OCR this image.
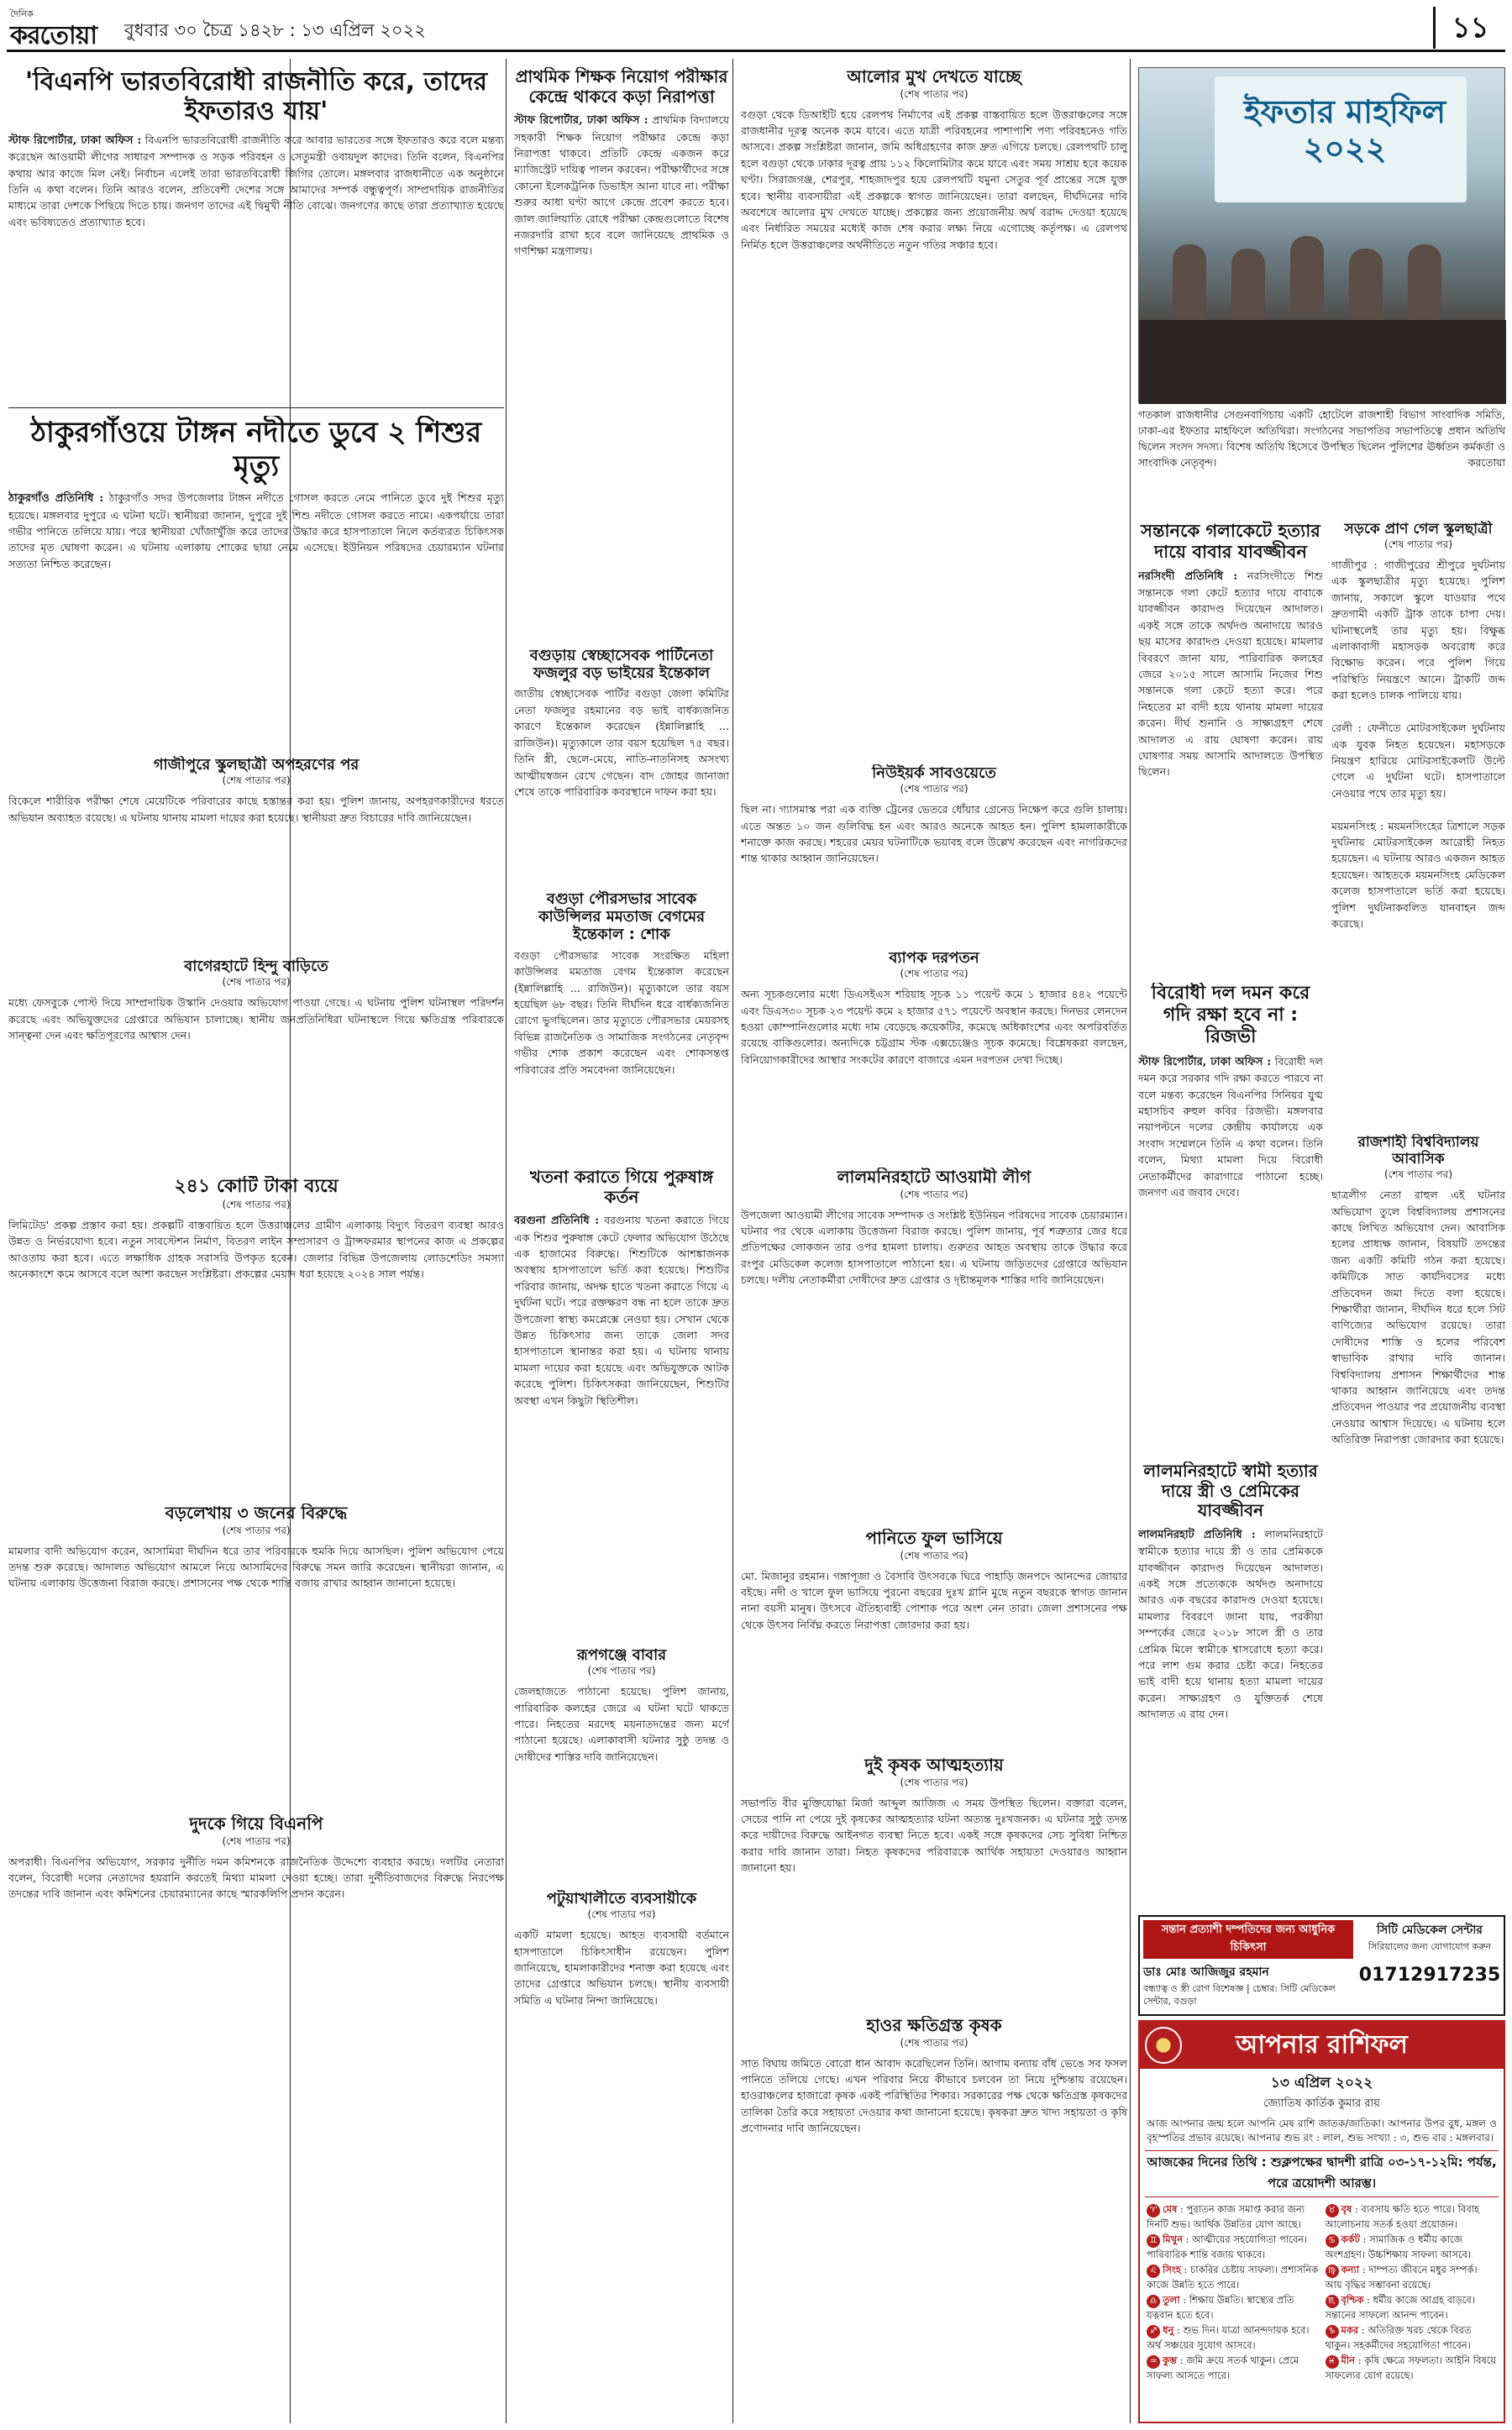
দৈনিক
করতোয়া বুধবার ৩০ চৈত্র ১৪২৮ : ১৩ এপ্রিল ২০২২	১১
'বিএনপি ভারতবিরোধী রাজনীতি করে, তাদের ইফতারও যায়'
স্টাফ রিপোর্টার, ঢাকা অফিস : বিএনপি ভারতবিরোধী রাজনীতি করে আবার ভারতের সঙ্গে ইফতারও করে বলে মন্তব্য করেছেন আওয়ামী লীগের সাধারণ সম্পাদক ও সড়ক পরিবহন ও সেতুমন্ত্রী ওবায়দুল কাদের। তিনি বলেন, বিএনপির কথায় আর কাজে মিল নেই। নির্বাচন এলেই তারা ভারতবিরোধী জিগির তোলে। মঙ্গলবার রাজধানীতে এক অনুষ্ঠানে তিনি এ কথা বলেন। তিনি আরও বলেন, প্রতিবেশী দেশের সঙ্গে আমাদের সম্পর্ক বন্ধুত্বপূর্ণ। সাম্প্রদায়িক রাজনীতির মাধ্যমে তারা দেশকে পিছিয়ে দিতে চায়। জনগণ তাদের এই দ্বিমুখী নীতি বোঝে। জনগণের কাছে তারা প্রত্যাখ্যাত হয়েছে এবং ভবিষ্যতেও প্রত্যাখ্যাত হবে।
প্রাথমিক শিক্ষক নিয়োগ পরীক্ষার কেন্দ্রে থাকবে কড়া নিরাপত্তা
স্টাফ রিপোর্টার, ঢাকা অফিস : প্রাথমিক বিদ্যালয়ে সহকারী শিক্ষক নিয়োগ পরীক্ষার কেন্দ্রে কড়া নিরাপত্তা থাকবে। প্রতিটি কেন্দ্রে একজন করে ম্যাজিস্ট্রেট দায়িত্ব পালন করবেন। পরীক্ষার্থীদের সঙ্গে কোনো ইলেকট্রনিক ডিভাইস আনা যাবে না। পরীক্ষা শুরুর আধা ঘণ্টা আগে কেন্দ্রে প্রবেশ করতে হবে। জাল জালিয়াতি রোধে পরীক্ষা কেন্দ্রগুলোতে বিশেষ নজরদারি রাখা হবে বলে জানিয়েছে প্রাথমিক ও গণশিক্ষা মন্ত্রণালয়।
আলোর মুখ দেখতে যাচ্ছে
(শেষ পাতার পর)
বগুড়া থেকে ডিআইটি হয়ে রেলপথ নির্মাণের এই প্রকল্প বাস্তবায়িত হলে উত্তরাঞ্চলের সঙ্গে রাজধানীর দূরত্ব অনেক কমে যাবে। এতে যাত্রী পরিবহনের পাশাপাশি পণ্য পরিবহনেও গতি আসবে। প্রকল্প সংশ্লিষ্টরা জানান, জমি অধিগ্রহণের কাজ দ্রুত এগিয়ে চলছে। রেলপথটি চালু হলে বগুড়া থেকে ঢাকার দূরত্ব প্রায় ১১২ কিলোমিটার কমে যাবে এবং সময় সাশ্রয় হবে কয়েক ঘণ্টা। সিরাজগঞ্জ, শেরপুর, শাহজাদপুর হয়ে রেলপথটি যমুনা সেতুর পূর্ব প্রান্তের সঙ্গে যুক্ত হবে। স্থানীয় ব্যবসায়ীরা এই প্রকল্পকে স্বাগত জানিয়েছেন। তারা বলছেন, দীর্ঘদিনের দাবি অবশেষে আলোর মুখ দেখতে যাচ্ছে। প্রকল্পের জন্য প্রয়োজনীয় অর্থ বরাদ্দ দেওয়া হয়েছে এবং নির্ধারিত সময়ের মধ্যেই কাজ শেষ করার লক্ষ্য নিয়ে এগোচ্ছে কর্তৃপক্ষ। এ রেলপথ নির্মিত হলে উত্তরাঞ্চলের অর্থনীতিতে নতুন গতির সঞ্চার হবে।
ইফতার মাহফিল ২০২২
গতকাল রাজধানীর সেগুনবাগিচায় একটি হোটেলে রাজশাহী বিভাগ সাংবাদিক সমিতি, ঢাকা-এর ইফতার মাহফিলে অতিথিরা। সংগঠনের সভাপতির সভাপতিত্বে প্রধান অতিথি ছিলেন সংসদ সদস্য। বিশেষ অতিথি হিসেবে উপস্থিত ছিলেন পুলিশের ঊর্ধ্বতন কর্মকর্তা ও সাংবাদিক নেতৃবৃন্দ।	করতোয়া
ঠাকুরগাঁওয়ে টাঙ্গন নদীতে ডুবে ২ শিশুর মৃত্যু
ঠাকুরগাঁও প্রতিনিধি : ঠাকুরগাঁও সদর উপজেলার টাঙ্গন নদীতে গোসল করতে নেমে পানিতে ডুবে দুই শিশুর মৃত্যু হয়েছে। মঙ্গলবার দুপুরে এ ঘটনা ঘটে। স্থানীয়রা জানান, দুপুরে দুই শিশু নদীতে গোসল করতে নামে। একপর্যায়ে তারা গভীর পানিতে তলিয়ে যায়। পরে স্থানীয়রা খোঁজাখুঁজি করে তাদের উদ্ধার করে হাসপাতালে নিলে কর্তব্যরত চিকিৎসক তাদের মৃত ঘোষণা করেন। এ ঘটনায় এলাকায় শোকের ছায়া নেমে এসেছে। ইউনিয়ন পরিষদের চেয়ারম্যান ঘটনার সত্যতা নিশ্চিত করেছেন।
বগুড়ায় স্বেচ্ছাসেবক পার্টিনেতা ফজলুর বড় ভাইয়ের ইন্তেকাল
জাতীয় স্বেচ্ছাসেবক পার্টির বগুড়া জেলা কমিটির নেতা ফজলুর রহমানের বড় ভাই বার্ধক্যজনিত কারণে ইন্তেকাল করেছেন (ইন্নালিল্লাহি ... রাজিউন)। মৃত্যুকালে তার বয়স হয়েছিল ৭৫ বছর। তিনি স্ত্রী, ছেলে-মেয়ে, নাতি-নাতনিসহ অসংখ্য আত্মীয়স্বজন রেখে গেছেন। বাদ জোহর জানাজা শেষে তাকে পারিবারিক কবরস্থানে দাফন করা হয়।
গাজীপুরে স্কুলছাত্রী অপহরণের পর
(শেষ পাতার পর)
বিকেলে শারীরিক পরীক্ষা শেষে মেয়েটিকে পরিবারের কাছে হস্তান্তর করা হয়। পুলিশ জানায়, অপহরণকারীদের ধরতে অভিযান অব্যাহত রয়েছে। এ ঘটনায় থানায় মামলা দায়ের করা হয়েছে। স্থানীয়রা দ্রুত বিচারের দাবি জানিয়েছেন।
নিউইয়র্ক সাবওয়েতে
(শেষ পাতার পর)
ছিল না। গ্যাসমাস্ক পরা এক ব্যক্তি ট্রেনের ভেতরে ধোঁয়ার গ্রেনেড নিক্ষেপ করে গুলি চালায়। এতে অন্তত ১০ জন গুলিবিদ্ধ হন এবং আরও অনেকে আহত হন। পুলিশ হামলাকারীকে শনাক্তে কাজ করছে। শহরের মেয়র ঘটনাটিকে ভয়াবহ বলে উল্লেখ করেছেন এবং নাগরিকদের শান্ত থাকার আহ্বান জানিয়েছেন।
সন্তানকে গলাকেটে হত্যার দায়ে বাবার যাবজ্জীবন
নরসিংদী প্রতিনিধি : নরসিংদীতে শিশু সন্তানকে গলা কেটে হত্যার দায়ে বাবাকে যাবজ্জীবন কারাদণ্ড দিয়েছেন আদালত। একই সঙ্গে তাকে অর্থদণ্ড অনাদায়ে আরও ছয় মাসের কারাদণ্ড দেওয়া হয়েছে। মামলার বিবরণে জানা যায়, পারিবারিক কলহের জেরে ২০১৫ সালে আসামি নিজের শিশু সন্তানকে গলা কেটে হত্যা করে। পরে নিহতের মা বাদী হয়ে থানায় মামলা দায়ের করেন। দীর্ঘ শুনানি ও সাক্ষ্যগ্রহণ শেষে আদালত এ রায় ঘোষণা করেন। রায় ঘোষণার সময় আসামি আদালতে উপস্থিত ছিলেন।
সড়কে প্রাণ গেল স্কুলছাত্রী
(শেষ পাতার পর)
গাজীপুর : গাজীপুরের শ্রীপুরে দুর্ঘটনায় এক স্কুলছাত্রীর মৃত্যু হয়েছে। পুলিশ জানায়, সকালে স্কুলে যাওয়ার পথে দ্রুতগামী একটি ট্রাক তাকে চাপা দেয়। ঘটনাস্থলেই তার মৃত্যু হয়। বিক্ষুব্ধ এলাকাবাসী মহাসড়ক অবরোধ করে বিক্ষোভ করেন। পরে পুলিশ গিয়ে পরিস্থিতি নিয়ন্ত্রণে আনে। ট্রাকটি জব্দ করা হলেও চালক পালিয়ে যায়।

রেলী : ফেনীতে মোটরসাইকেল দুর্ঘটনায় এক যুবক নিহত হয়েছেন। মহাসড়কে নিয়ন্ত্রণ হারিয়ে মোটরসাইকেলটি উল্টে গেলে এ দুর্ঘটনা ঘটে। হাসপাতালে নেওয়ার পথে তার মৃত্যু হয়।

ময়মনসিংহ : ময়মনসিংহের ত্রিশালে সড়ক দুর্ঘটনায় মোটরসাইকেল আরোহী নিহত হয়েছেন। এ ঘটনায় আরও একজন আহত হয়েছেন। আহতকে ময়মনসিংহ মেডিকেল কলেজ হাসপাতালে ভর্তি করা হয়েছে। পুলিশ দুর্ঘটনাকবলিত যানবাহন জব্দ করেছে।
বাগেরহাটে হিন্দু বাড়িতে
(শেষ পাতার পর)
মধ্যে ফেসবুকে পোস্ট দিয়ে সাম্প্রদায়িক উস্কানি দেওয়ার অভিযোগ পাওয়া গেছে। এ ঘটনায় পুলিশ ঘটনাস্থল পরিদর্শন করেছে এবং অভিযুক্তদের গ্রেপ্তারে অভিযান চালাচ্ছে। স্থানীয় জনপ্রতিনিধিরা ঘটনাস্থলে গিয়ে ক্ষতিগ্রস্ত পরিবারকে সান্ত্বনা দেন এবং ক্ষতিপূরণের আশ্বাস দেন।
বগুড়া পৌরসভার সাবেক কাউন্সিলর মমতাজ বেগমের ইন্তেকাল : শোক
বগুড়া পৌরসভার সাবেক সংরক্ষিত মহিলা কাউন্সিলর মমতাজ বেগম ইন্তেকাল করেছেন (ইন্নালিল্লাহি ... রাজিউন)। মৃত্যুকালে তার বয়স হয়েছিল ৬৮ বছর। তিনি দীর্ঘদিন ধরে বার্ধক্যজনিত রোগে ভুগছিলেন। তার মৃত্যুতে পৌরসভার মেয়রসহ বিভিন্ন রাজনৈতিক ও সামাজিক সংগঠনের নেতৃবৃন্দ গভীর শোক প্রকাশ করেছেন এবং শোকসন্তপ্ত পরিবারের প্রতি সমবেদনা জানিয়েছেন।
ব্যাপক দরপতন
(শেষ পাতার পর)
অন্য সূচকগুলোর মধ্যে ডিএসইএস শরিয়াহ সূচক ১১ পয়েন্ট কমে ১ হাজার ৪৪২ পয়েন্টে এবং ডিএস৩০ সূচক ২৩ পয়েন্ট কমে ২ হাজার ৫৭১ পয়েন্টে অবস্থান করছে। দিনভর লেনদেন হওয়া কোম্পানিগুলোর মধ্যে দাম বেড়েছে কয়েকটির, কমেছে অধিকাংশের এবং অপরিবর্তিত রয়েছে বাকিগুলোর। অন্যদিকে চট্টগ্রাম স্টক এক্সচেঞ্জেও সূচক কমেছে। বিশ্লেষকরা বলছেন, বিনিয়োগকারীদের আস্থার সংকটের কারণে বাজারে এমন দরপতন দেখা দিচ্ছে।
বিরোধী দল দমন করে গদি রক্ষা হবে না : রিজভী
স্টাফ রিপোর্টার, ঢাকা অফিস : বিরোধী দল দমন করে সরকার গদি রক্ষা করতে পারবে না বলে মন্তব্য করেছেন বিএনপির সিনিয়র যুগ্ম মহাসচিব রুহুল কবির রিজভী। মঙ্গলবার নয়াপল্টনে দলের কেন্দ্রীয় কার্যালয়ে এক সংবাদ সম্মেলনে তিনি এ কথা বলেন। তিনি বলেন, মিথ্যা মামলা দিয়ে বিরোধী নেতাকর্মীদের কারাগারে পাঠানো হচ্ছে। জনগণ এর জবাব দেবে।
২৪১ কোটি টাকা ব্যয়ে
(শেষ পাতার পর)
লিমিটেড' প্রকল্প প্রস্তাব করা হয়। প্রকল্পটি বাস্তবায়িত হলে উত্তরাঞ্চলের গ্রামীণ এলাকায় বিদ্যুৎ বিতরণ ব্যবস্থা আরও উন্নত ও নির্ভরযোগ্য হবে। নতুন সাবস্টেশন নির্মাণ, বিতরণ লাইন সম্প্রসারণ ও ট্রান্সফরমার স্থাপনের কাজ এ প্রকল্পের আওতায় করা হবে। এতে লক্ষাধিক গ্রাহক সরাসরি উপকৃত হবেন। জেলার বিভিন্ন উপজেলায় লোডশেডিং সমস্যা অনেকাংশে কমে আসবে বলে আশা করছেন সংশ্লিষ্টরা। প্রকল্পের মেয়াদ ধরা হয়েছে ২০২৪ সাল পর্যন্ত।
খতনা করাতে গিয়ে পুরুষাঙ্গ কর্তন
বরগুনা প্রতিনিধি : বরগুনায় খতনা করাতে গিয়ে এক শিশুর পুরুষাঙ্গ কেটে ফেলার অভিযোগ উঠেছে এক হাজামের বিরুদ্ধে। শিশুটিকে আশঙ্কাজনক অবস্থায় হাসপাতালে ভর্তি করা হয়েছে। শিশুটির পরিবার জানায়, অদক্ষ হাতে খতনা করাতে গিয়ে এ দুর্ঘটনা ঘটে। পরে রক্তক্ষরণ বন্ধ না হলে তাকে দ্রুত উপজেলা স্বাস্থ্য কমপ্লেক্সে নেওয়া হয়। সেখান থেকে উন্নত চিকিৎসার জন্য তাকে জেলা সদর হাসপাতালে স্থানান্তর করা হয়। এ ঘটনায় থানায় মামলা দায়ের করা হয়েছে এবং অভিযুক্তকে আটক করেছে পুলিশ। চিকিৎসকরা জানিয়েছেন, শিশুটির অবস্থা এখন কিছুটা স্থিতিশীল।
লালমনিরহাটে আওয়ামী লীগ
(শেষ পাতার পর)
উপজেলা আওয়ামী লীগের সাবেক সম্পাদক ও সংশ্লিষ্ট ইউনিয়ন পরিষদের সাবেক চেয়ারম্যান। ঘটনার পর থেকে এলাকায় উত্তেজনা বিরাজ করছে। পুলিশ জানায়, পূর্ব শত্রুতার জের ধরে প্রতিপক্ষের লোকজন তার ওপর হামলা চালায়। গুরুতর আহত অবস্থায় তাকে উদ্ধার করে রংপুর মেডিকেল কলেজ হাসপাতালে পাঠানো হয়। এ ঘটনায় জড়িতদের গ্রেপ্তারে অভিযান চলছে। দলীয় নেতাকর্মীরা দোষীদের দ্রুত গ্রেপ্তার ও দৃষ্টান্তমূলক শাস্তির দাবি জানিয়েছেন।
রাজশাহী বিশ্ববিদ্যালয় আবাসিক
(শেষ পাতার পর)
ছাত্রলীগ নেতা রাহুল এই ঘটনার অভিযোগ তুলে বিশ্ববিদ্যালয় প্রশাসনের কাছে লিখিত অভিযোগ দেন। আবাসিক হলের প্রাধ্যক্ষ জানান, বিষয়টি তদন্তের জন্য একটি কমিটি গঠন করা হয়েছে। কমিটিকে সাত কার্যদিবসের মধ্যে প্রতিবেদন জমা দিতে বলা হয়েছে। শিক্ষার্থীরা জানান, দীর্ঘদিন ধরে হলে সিট বাণিজ্যের অভিযোগ রয়েছে। তারা দোষীদের শাস্তি ও হলের পরিবেশ স্বাভাবিক রাখার দাবি জানান। বিশ্ববিদ্যালয় প্রশাসন শিক্ষার্থীদের শান্ত থাকার আহ্বান জানিয়েছে এবং তদন্ত প্রতিবেদন পাওয়ার পর প্রয়োজনীয় ব্যবস্থা নেওয়ার আশ্বাস দিয়েছে। এ ঘটনায় হলে অতিরিক্ত নিরাপত্তা জোরদার করা হয়েছে।
লালমনিরহাটে স্বামী হত্যার দায়ে স্ত্রী ও প্রেমিকের যাবজ্জীবন
লালমনিরহাট প্রতিনিধি : লালমনিরহাটে স্বামীকে হত্যার দায়ে স্ত্রী ও তার প্রেমিককে যাবজ্জীবন কারাদণ্ড দিয়েছেন আদালত। একই সঙ্গে প্রত্যেককে অর্থদণ্ড অনাদায়ে আরও এক বছরের কারাদণ্ড দেওয়া হয়েছে। মামলার বিবরণে জানা যায়, পরকীয়া সম্পর্কের জেরে ২০১৮ সালে স্ত্রী ও তার প্রেমিক মিলে স্বামীকে শ্বাসরোধে হত্যা করে। পরে লাশ গুম করার চেষ্টা করে। নিহতের ভাই বাদী হয়ে থানায় হত্যা মামলা দায়ের করেন। সাক্ষ্যগ্রহণ ও যুক্তিতর্ক শেষে আদালত এ রায় দেন।
বড়লেখায় ৩ জনের বিরুদ্ধে
(শেষ পাতার পর)
মামলার বাদী অভিযোগ করেন, আসামিরা দীর্ঘদিন ধরে তার পরিবারকে হুমকি দিয়ে আসছিল। পুলিশ অভিযোগ পেয়ে তদন্ত শুরু করেছে। আদালত অভিযোগ আমলে নিয়ে আসামিদের বিরুদ্ধে সমন জারি করেছেন। স্থানীয়রা জানান, এ ঘটনায় এলাকায় উত্তেজনা বিরাজ করছে। প্রশাসনের পক্ষ থেকে শান্তি বজায় রাখার আহ্বান জানানো হয়েছে।
পানিতে ফুল ভাসিয়ে
(শেষ পাতার পর)
মো. মিজানুর রহমান। গঙ্গাপূজা ও বৈসাবি উৎসবকে ঘিরে পাহাড়ি জনপদে আনন্দের জোয়ার বইছে। নদী ও খালে ফুল ভাসিয়ে পুরনো বছরের দুঃখ গ্লানি মুছে নতুন বছরকে স্বাগত জানান নানা বয়সী মানুষ। উৎসবে ঐতিহ্যবাহী পোশাক পরে অংশ নেন তারা। জেলা প্রশাসনের পক্ষ থেকে উৎসব নির্বিঘ্ন করতে নিরাপত্তা জোরদার করা হয়।
রূপগঞ্জে বাবার
(শেষ পাতার পর)
জেলহাজতে পাঠানো হয়েছে। পুলিশ জানায়, পারিবারিক কলহের জেরে এ ঘটনা ঘটে থাকতে পারে। নিহতের মরদেহ ময়নাতদন্তের জন্য মর্গে পাঠানো হয়েছে। এলাকাবাসী ঘটনার সুষ্ঠু তদন্ত ও দোষীদের শাস্তির দাবি জানিয়েছেন।	দুই কৃষক আত্মহত্যায়
(শেষ পাতার পর)
সভাপতি বীর মুক্তিযোদ্ধা মির্জা আব্দুল আজিজ এ সময় উপস্থিত ছিলেন। বক্তারা বলেন, সেচের পানি না পেয়ে দুই কৃষকের আত্মহত্যার ঘটনা অত্যন্ত দুঃখজনক। এ ঘটনার সুষ্ঠু তদন্ত করে দায়ীদের বিরুদ্ধে আইনগত ব্যবস্থা নিতে হবে। একই সঙ্গে কৃষকদের সেচ সুবিধা নিশ্চিত করার দাবি জানান তারা। নিহত কৃষকদের পরিবারকে আর্থিক সহায়তা দেওয়ারও আহ্বান জানানো হয়।
দুদকে গিয়ে বিএনপি
(শেষ পাতার পর)
অপরাধী। বিএনপির অভিযোগ, সরকার দুর্নীতি দমন কমিশনকে রাজনৈতিক উদ্দেশ্যে ব্যবহার করছে। দলটির নেতারা বলেন, বিরোধী দলের নেতাদের হয়রানি করতেই মিথ্যা মামলা দেওয়া হচ্ছে। তারা দুর্নীতিবাজদের বিরুদ্ধে নিরপেক্ষ তদন্তের দাবি জানান এবং কমিশনের চেয়ারম্যানের কাছে স্মারকলিপি প্রদান করেন।	পটুয়াখালীতে ব্যবসায়ীকে
(শেষ পাতার পর)
একটি মামলা হয়েছে। আহত ব্যবসায়ী বর্তমানে হাসপাতালে চিকিৎসাধীন রয়েছেন। পুলিশ জানিয়েছে, হামলাকারীদের শনাক্ত করা হয়েছে এবং তাদের গ্রেপ্তারে অভিযান চলছে। স্থানীয় ব্যবসায়ী সমিতি এ ঘটনার নিন্দা জানিয়েছে।
হাওর ক্ষতিগ্রস্ত কৃষক
(শেষ পাতার পর)
সাত বিঘায় জমিতে বোরো ধান আবাদ করেছিলেন তিনি। আগাম বন্যায় বাঁধ ভেঙে সব ফসল পানিতে তলিয়ে গেছে। এখন পরিবার নিয়ে কীভাবে চলবেন তা নিয়ে দুশ্চিন্তায় রয়েছেন। হাওরাঞ্চলের হাজারো কৃষক একই পরিস্থিতির শিকার। সরকারের পক্ষ থেকে ক্ষতিগ্রস্ত কৃষকদের তালিকা তৈরি করে সহায়তা দেওয়ার কথা জানানো হয়েছে। কৃষকরা দ্রুত খাদ্য সহায়তা ও কৃষি প্রণোদনার দাবি জানিয়েছেন।
সন্তান প্রত্যাশী দম্পতিদের জন্য আধুনিক চিকিৎসা
ডাঃ মোঃ আজিজুর রহমান
বন্ধ্যাত্ব ও স্ত্রী রোগ বিশেষজ্ঞ | চেম্বার: সিটি মেডিকেল সেন্টার, বগুড়া
সিটি মেডিকেল সেন্টার
সিরিয়ালের জন্য যোগাযোগ করুন
01712917235
আপনার রাশিফল
১৩ এপ্রিল ২০২২
জ্যোতিষ কার্তিক কুমার রায়
আজ আপনার জন্ম হলে আপনি মেষ রাশি জাতক/জাতিকা। আপনার উপর বুধ, মঙ্গল ও বৃহস্পতির প্রভাব রয়েছে। আপনার শুভ রং : লাল, শুভ সংখ্যা : ৩, শুভ বার : মঙ্গলবার।
আজকের দিনের তিথি : শুক্লপক্ষের দ্বাদশী রাত্রি ০৩-১৭-১২মি: পর্যন্ত, পরে ত্রয়োদশী আরম্ভ।
♈ মেষ : পুরাতন কাজ সমাপ্ত করার জন্য দিনটি শুভ। আর্থিক উন্নতির যোগ আছে।
♉ বৃষ : ব্যবসায় ক্ষতি হতে পারে। বিবাহ আলোচনায় সতর্ক হওয়া প্রয়োজন।
♊ মিথুন : আত্মীয়ের সহযোগিতা পাবেন। পারিবারিক শান্তি বজায় থাকবে।
♋ কর্কট : সামাজিক ও ধর্মীয় কাজে অংশগ্রহণ। উচ্চশিক্ষায় সাফল্য আসবে।
♌ সিংহ : চাকরির চেষ্টায় সাফল্য। প্রশাসনিক কাজে উন্নতি হতে পারে।
♍ কন্যা : দাম্পত্য জীবনে মধুর সম্পর্ক। আয় বৃদ্ধির সম্ভাবনা রয়েছে।
♎ তুলা : শিক্ষায় উন্নতি। স্বাস্থ্যের প্রতি যত্নবান হতে হবে।
♏ বৃশ্চিক : ধর্মীয় কাজে আগ্রহ বাড়বে। সন্তানের সাফল্যে আনন্দ পাবেন।
♐ ধনু : শুভ দিন। যাত্রা আনন্দদায়ক হবে। অর্থ সঞ্চয়ের সুযোগ আসবে।
♑ মকর : অতিরিক্ত খরচ থেকে বিরত থাকুন। সহকর্মীদের সহযোগিতা পাবেন।
♒ কুম্ভ : জমি ক্রয়ে সতর্ক থাকুন। প্রেমে সাফল্য আসতে পারে।
♓ মীন : কৃষি ক্ষেত্রে সফলতা। আইনি বিষয়ে সাফল্যের যোগ রয়েছে।
